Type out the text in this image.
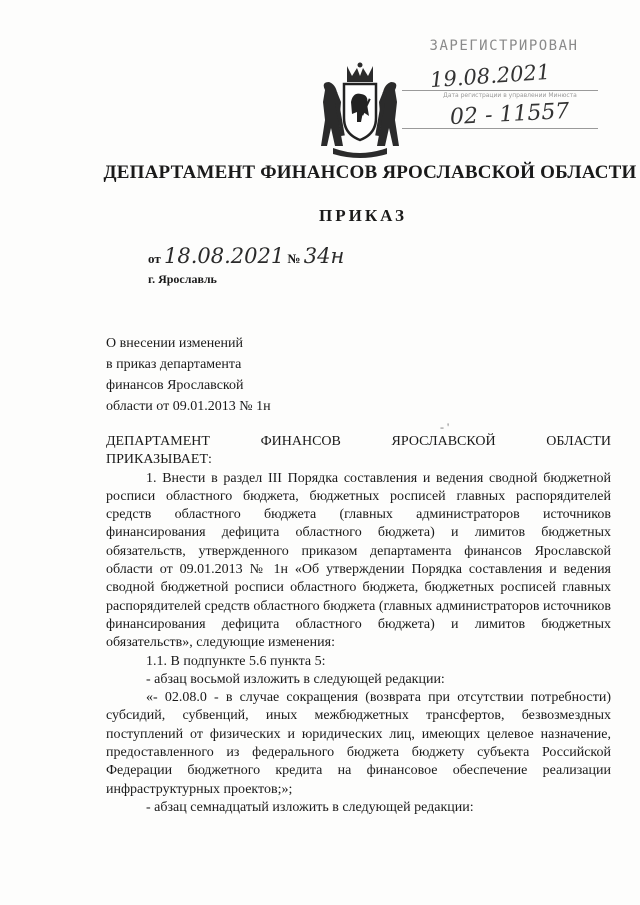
ЗАРЕГИСТРИРОВАН
19.08.2021
Дата регистрации в управлении Минюста
02 - 11557
ДЕПАРТАМЕНТ ФИНАНСОВ ЯРОСЛАВСКОЙ ОБЛАСТИ
ПРИКАЗ
от 18.08.2021 № 34н
г. Ярославль
О внесении изменений
в приказ департамента
финансов Ярославской
области от 09.01.2013 № 1н
- '
ДЕПАРТАМЕНТ	ФИНАНСОВ	ЯРОСЛАВСКОЙ	ОБЛАСТИ

ПРИКАЗЫВАЕТ:

1. Внести в раздел III Порядка составления и ведения сводной бюджетной росписи областного бюджета, бюджетных росписей главных распорядителей средств областного бюджета (главных администраторов источников финансирования дефицита областного бюджета) и лимитов бюджетных обязательств, утвержденного приказом департамента финансов Ярославской области от 09.01.2013 № 1н «Об утверждении Порядка составления и ведения сводной бюджетной росписи областного бюджета, бюджетных росписей главных распорядителей средств областного бюджета (главных администраторов источников финансирования дефицита областного бюджета) и лимитов бюджетных обязательств», следующие изменения:

1.1. В подпункте 5.6 пункта 5:

- абзац восьмой изложить в следующей редакции:

«- 02.08.0 - в случае сокращения (возврата при отсутствии потребности) субсидий, субвенций, иных межбюджетных трансфертов, безвозмездных поступлений от физических и юридических лиц, имеющих целевое назначение, предоставленного из федерального бюджета бюджету субъекта Российской Федерации бюджетного кредита на финансовое обеспечение реализации инфраструктурных проектов;»;

- абзац семнадцатый изложить в следующей редакции:
